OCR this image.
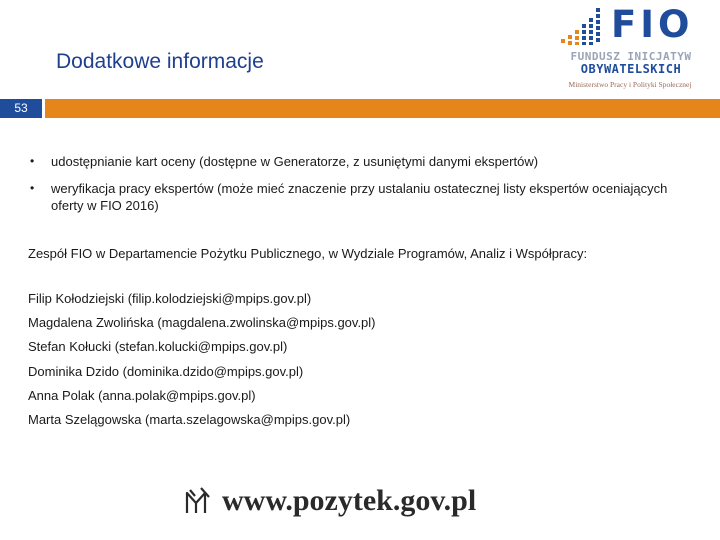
Dodatkowe informacje
FIO
FUNDUSZ INICJATYW
OBYWATELSKICH
Ministerstwo Pracy i Polityki Społecznej
53
• udostępnianie kart oceny (dostępne w Generatorze, z usuniętymi danymi ekspertów)
• weryfikacja pracy ekspertów (może mieć znaczenie przy ustalaniu ostatecznej listy ekspertów oceniających oferty w FIO 2016)
Zespół FIO w Departamencie Pożytku Publicznego, w Wydziale Programów, Analiz i Współpracy:
Filip Kołodziejski (filip.kolodziejski@mpips.gov.pl)
Magdalena Zwolińska (magdalena.zwolinska@mpips.gov.pl)
Stefan Kołucki (stefan.kolucki@mpips.gov.pl)
Dominika Dzido (dominika.dzido@mpips.gov.pl)
Anna Polak (anna.polak@mpips.gov.pl)
Marta Szelągowska (marta.szelagowska@mpips.gov.pl)
www.pozytek.gov.pl
